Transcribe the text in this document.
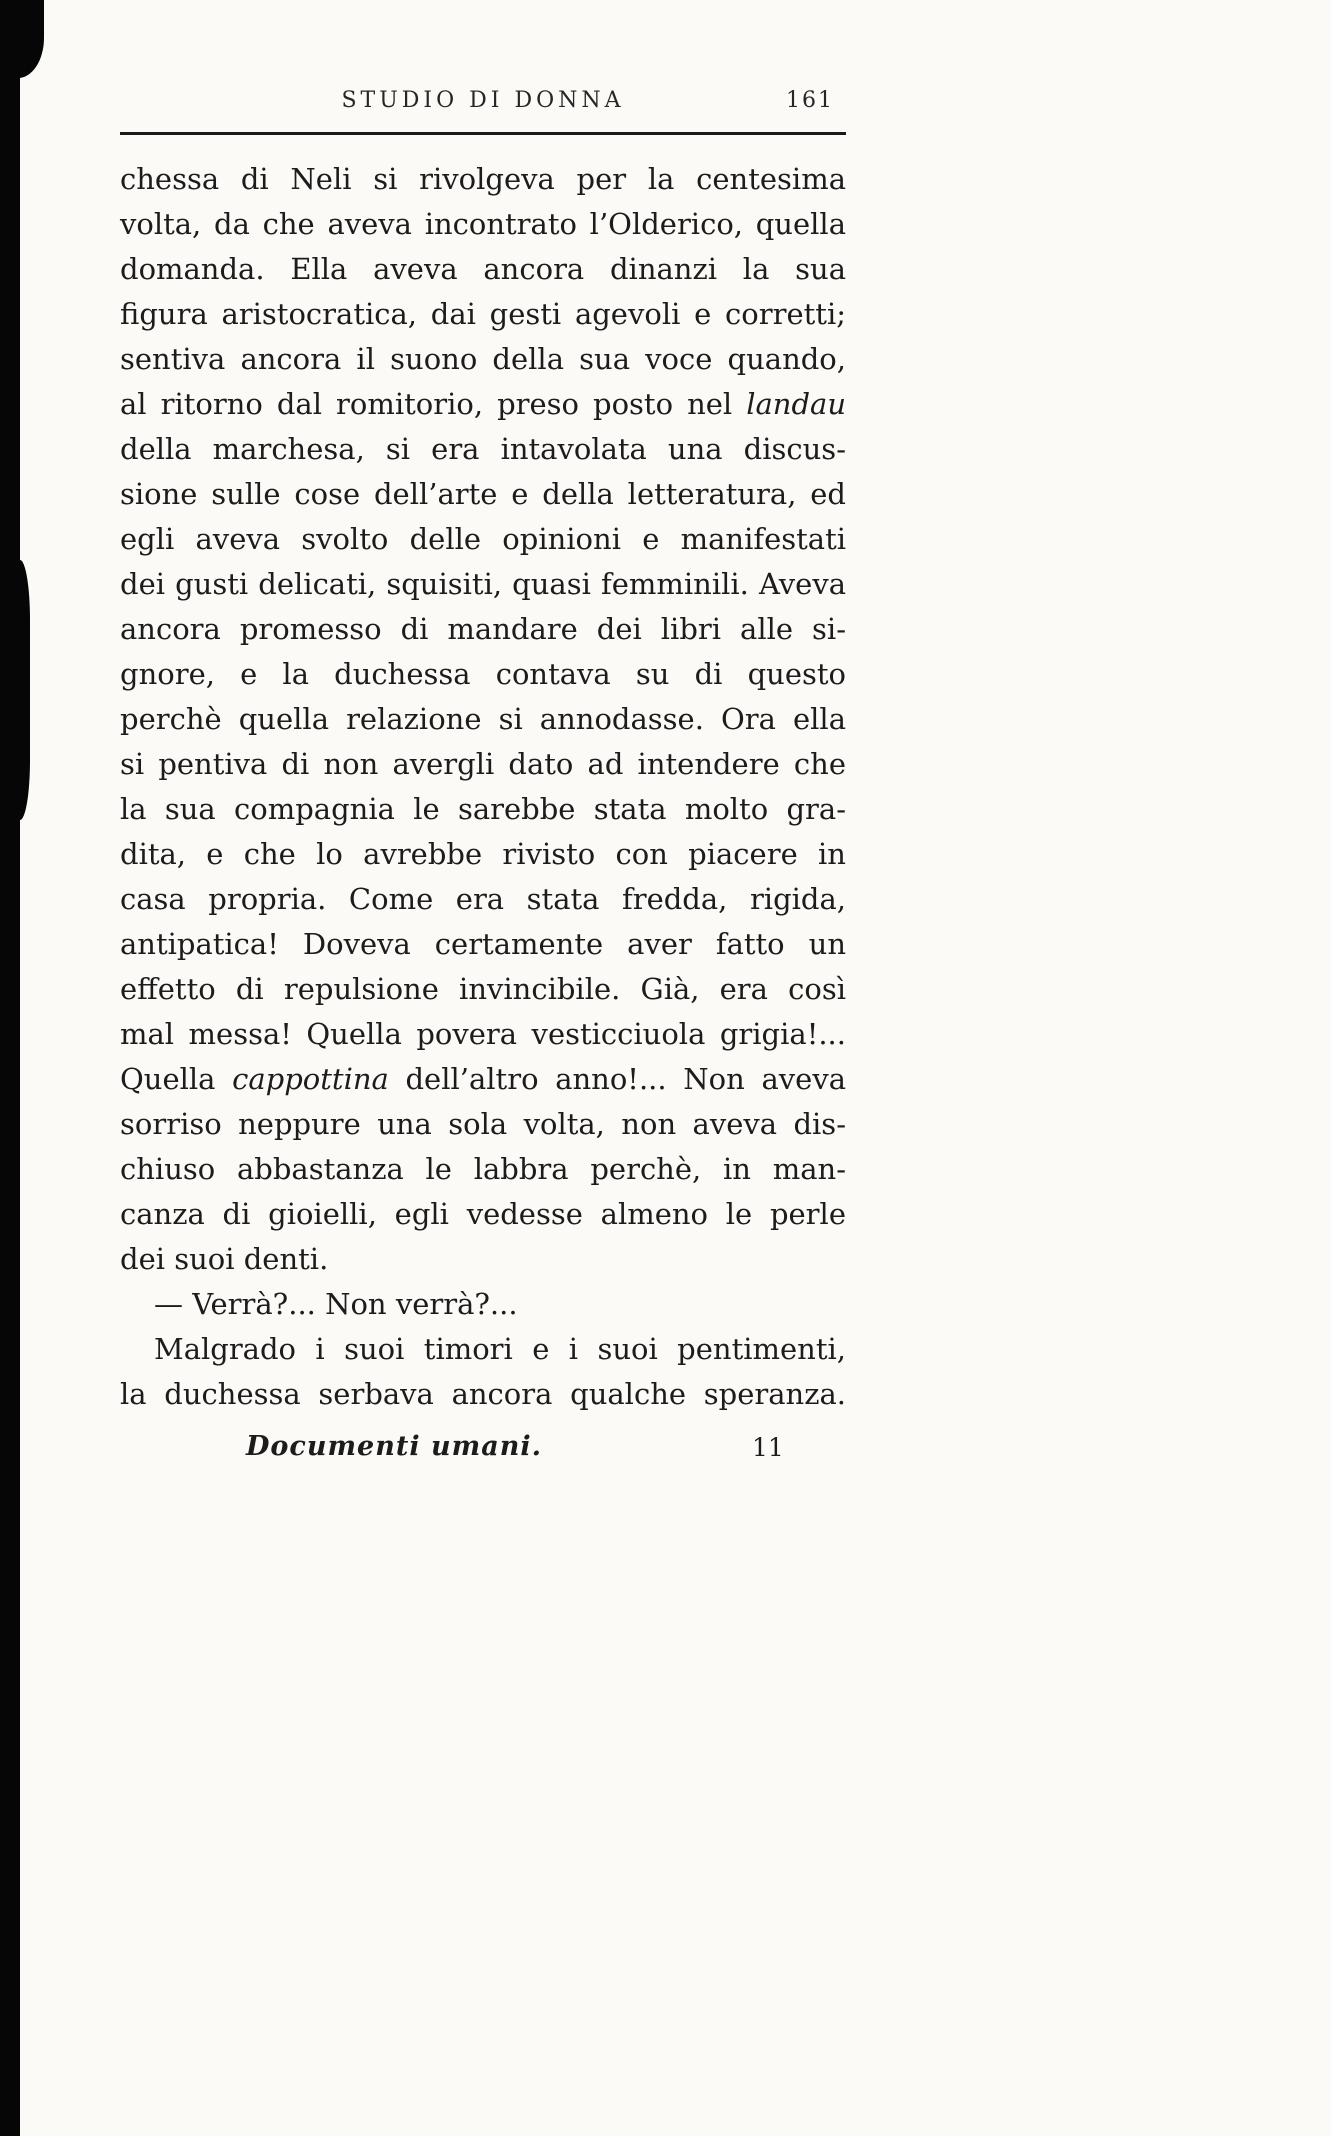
STUDIO DI DONNA	161
chessa di Neli si rivolgeva per la centesima
volta, da che aveva incontrato l’Olderico, quella
domanda. Ella aveva ancora dinanzi la sua
figura aristocratica, dai gesti agevoli e corretti;
sentiva ancora il suono della sua voce quando,
al ritorno dal romitorio, preso posto nel landau
della marchesa, si era intavolata una discus-
sione sulle cose dell’arte e della letteratura, ed
egli aveva svolto delle opinioni e manifestati
dei gusti delicati, squisiti, quasi femminili. Aveva
ancora promesso di mandare dei libri alle si-
gnore, e la duchessa contava su di questo
perchè quella relazione si annodasse. Ora ella
si pentiva di non avergli dato ad intendere che
la sua compagnia le sarebbe stata molto gra-
dita, e che lo avrebbe rivisto con piacere in
casa propria. Come era stata fredda, rigida,
antipatica! Doveva certamente aver fatto un
effetto di repulsione invincibile. Già, era così
mal messa! Quella povera vesticciuola grigia!...
Quella cappottina dell’altro anno!... Non aveva
sorriso neppure una sola volta, non aveva dis-
chiuso abbastanza le labbra perchè, in man-
canza di gioielli, egli vedesse almeno le perle
dei suoi denti.
— Verrà?... Non verrà?...
Malgrado i suoi timori e i suoi pentimenti,
la duchessa serbava ancora qualche speranza.
Documenti umani.	11
